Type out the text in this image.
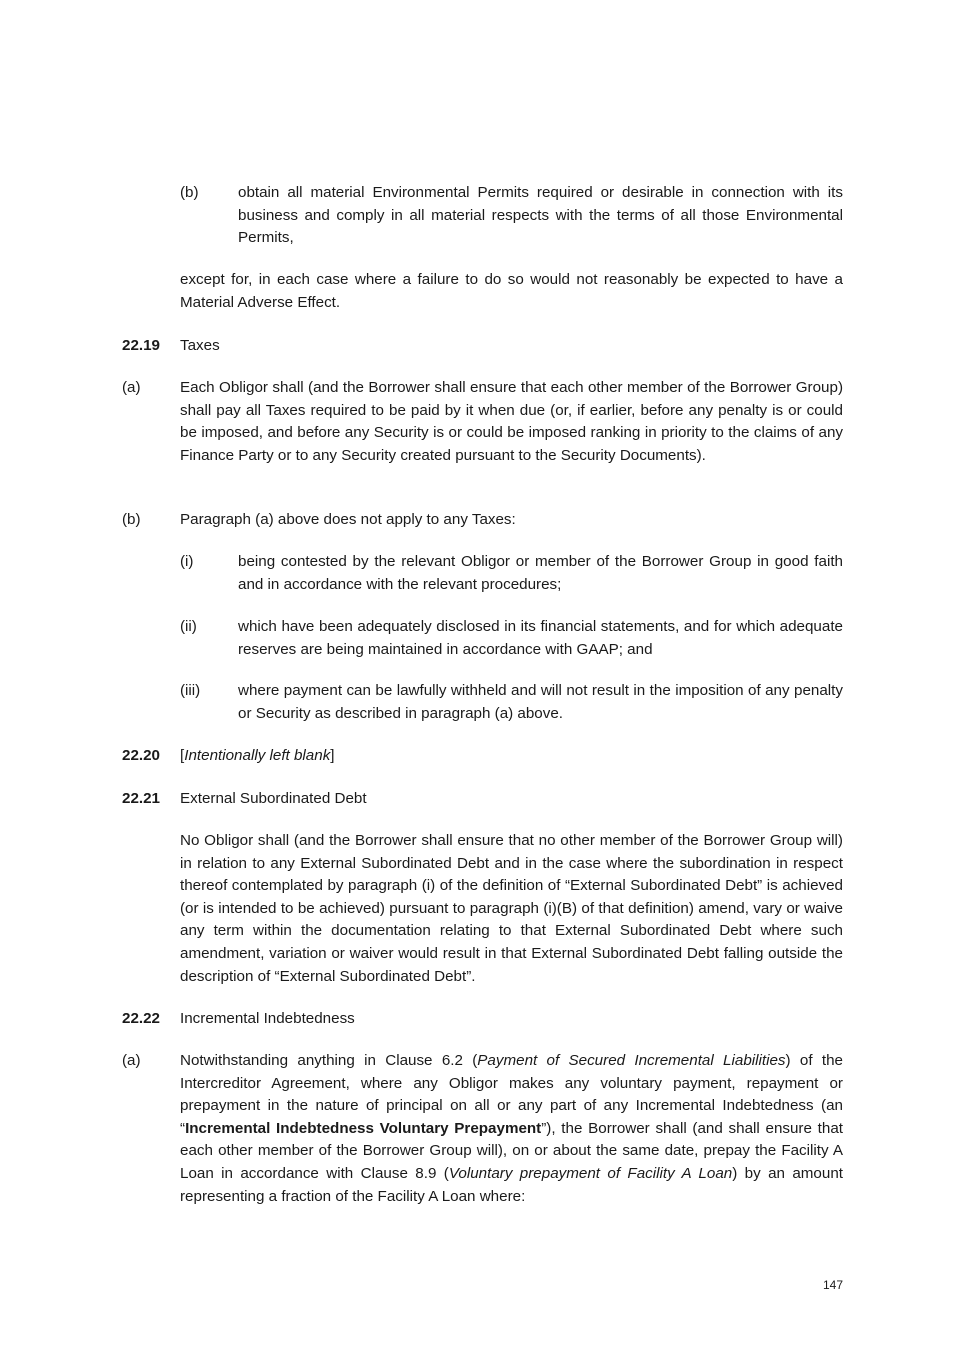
(b)	obtain all material Environmental Permits required or desirable in connection with its business and comply in all material respects with the terms of all those Environmental Permits,

except for, in each case where a failure to do so would not reasonably be expected to have a Material Adverse Effect.

22.19 Taxes

(a)	Each Obligor shall (and the Borrower shall ensure that each other member of the Borrower Group) shall pay all Taxes required to be paid by it when due (or, if earlier, before any penalty is or could be imposed, and before any Security is or could be imposed ranking in priority to the claims of any Finance Party or to any Security created pursuant to the Security Documents).

(b)	Paragraph (a) above does not apply to any Taxes:

(i)	being contested by the relevant Obligor or member of the Borrower Group in good faith and in accordance with the relevant procedures;

(ii)	which have been adequately disclosed in its financial statements, and for which adequate reserves are being maintained in accordance with GAAP; and

(iii) where payment can be lawfully withheld and will not result in the imposition of any penalty or Security as described in paragraph (a) above.

22.20 [Intentionally left blank]

22.21 External Subordinated Debt

No Obligor shall (and the Borrower shall ensure that no other member of the Borrower Group will) in relation to any External Subordinated Debt and in the case where the subordination in respect thereof contemplated by paragraph (i) of the definition of “External Subordinated Debt” is achieved (or is intended to be achieved) pursuant to paragraph (i)(B) of that definition) amend, vary or waive any term within the documentation relating to that External Subordinated Debt where such amendment, variation or waiver would result in that External Subordinated Debt falling outside the description of “External Subordinated Debt”.

22.22 Incremental Indebtedness

(a)	Notwithstanding anything in Clause 6.2 (Payment of Secured Incremental Liabilities) of the Intercreditor Agreement, where any Obligor makes any voluntary payment, repayment or prepayment in the nature of principal on all or any part of any Incremental Indebtedness (an “Incremental Indebtedness Voluntary Prepayment”), the Borrower shall (and shall ensure that each other member of the Borrower Group will), on or about the same date, prepay the Facility A Loan in accordance with Clause 8.9 (Voluntary prepayment of Facility A Loan) by an amount representing a fraction of the Facility A Loan where:

147
